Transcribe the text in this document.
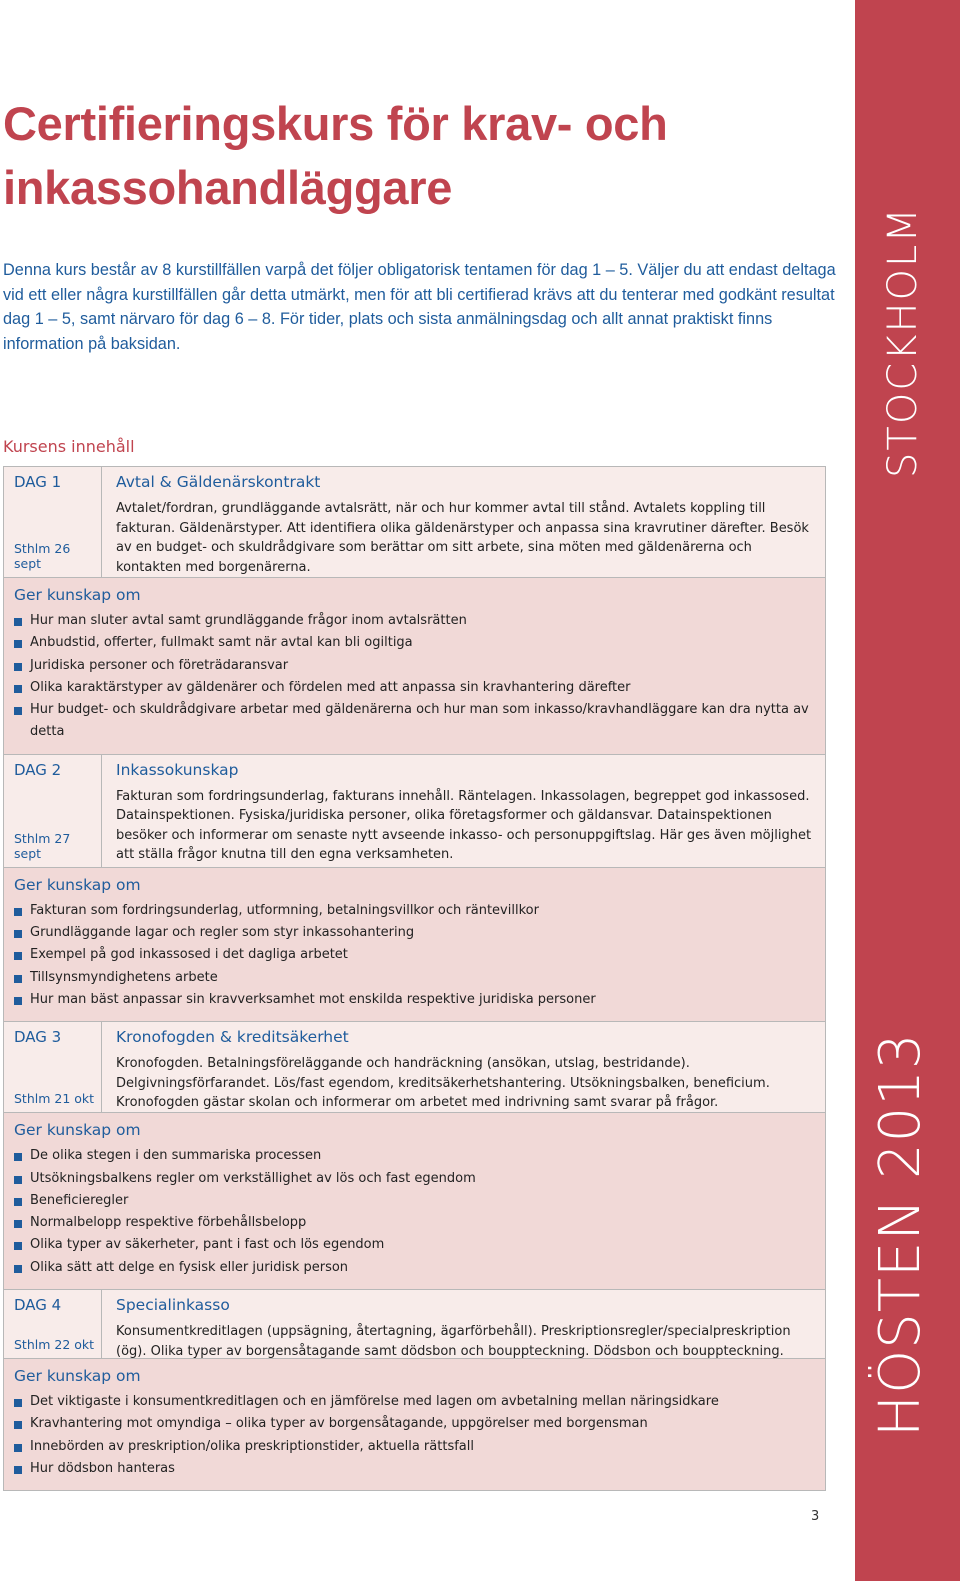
STOCKHOLM
HÖSTEN 2013
Certifieringskurs för krav- och inkassohandläggare

Denna kurs består av 8 kurstillfällen varpå det följer obligatorisk tentamen för dag 1 – 5. Väljer du att endast deltaga vid ett eller några kurstillfällen går detta utmärkt, men för att bli certifierad krävs att du tenterar med godkänt resultat dag 1 – 5, samt närvaro för dag 6 – 8. För tider, plats och sista anmälningsdag och allt annat praktiskt finns information på baksidan.

Kursens innehåll
DAG 1
Sthlm 26 sept
Avtal & Gäldenärskontrakt
Avtalet/fordran, grundläggande avtalsrätt, när och hur kommer avtal till stånd. Avtalets koppling till fakturan. Gäldenärstyper. Att identifiera olika gäldenärstyper och anpassa sina kravrutiner därefter. Besök av en budget- och skuldrådgivare som berättar om sitt arbete, sina möten med gäldenärerna och kontakten med borgenärerna.
Ger kunskap om
Hur man sluter avtal samt grundläggande frågor inom avtalsrätten
Anbudstid, offerter, fullmakt samt när avtal kan bli ogiltiga
Juridiska personer och företrädaransvar
Olika karaktärstyper av gäldenärer och fördelen med att anpassa sin kravhantering därefter
Hur budget- och skuldrådgivare arbetar med gäldenärerna och hur man som inkasso/kravhandläggare kan dra nytta av detta
DAG 2
Sthlm 27 sept
Inkassokunskap
Fakturan som fordringsunderlag, fakturans innehåll. Räntelagen. Inkassolagen, begreppet god inkassosed. Datainspektionen. Fysiska/juridiska personer, olika företagsformer och gäldansvar. Datainspektionen besöker och informerar om senaste nytt avseende inkasso- och personuppgiftslag. Här ges även möjlighet att ställa frågor knutna till den egna verksamheten.
Ger kunskap om
Fakturan som fordringsunderlag, utformning, betalningsvillkor och räntevillkor
Grundläggande lagar och regler som styr inkassohantering
Exempel på god inkassosed i det dagliga arbetet
Tillsynsmyndighetens arbete
Hur man bäst anpassar sin kravverksamhet mot enskilda respektive juridiska personer
DAG 3
Sthlm 21 okt
Kronofogden & kreditsäkerhet
Kronofogden. Betalningsföreläggande och handräckning (ansökan, utslag, bestridande). Delgivningsförfarandet. Lös/fast egendom, kreditsäkerhetshantering. Utsökningsbalken, beneficium. Kronofogden gästar skolan och informerar om arbetet med indrivning samt svarar på frågor.
Ger kunskap om
De olika stegen i den summariska processen
Utsökningsbalkens regler om verkställighet av lös och fast egendom
Beneficieregler
Normalbelopp respektive förbehållsbelopp
Olika typer av säkerheter, pant i fast och lös egendom
Olika sätt att delge en fysisk eller juridisk person
DAG 4
Sthlm 22 okt
Specialinkasso
Konsumentkreditlagen (uppsägning, återtagning, ägarförbehåll). Preskriptionsregler/specialpreskription (ög). Olika typer av borgensåtagande samt dödsbon och bouppteckning. Dödsbon och bouppteckning.
Ger kunskap om
Det viktigaste i konsumentkreditlagen och en jämförelse med lagen om avbetalning mellan näringsidkare
Kravhantering mot omyndiga – olika typer av borgensåtagande, uppgörelser med borgensman
Innebörden av preskription/olika preskriptionstider, aktuella rättsfall
Hur dödsbon hanteras
3
